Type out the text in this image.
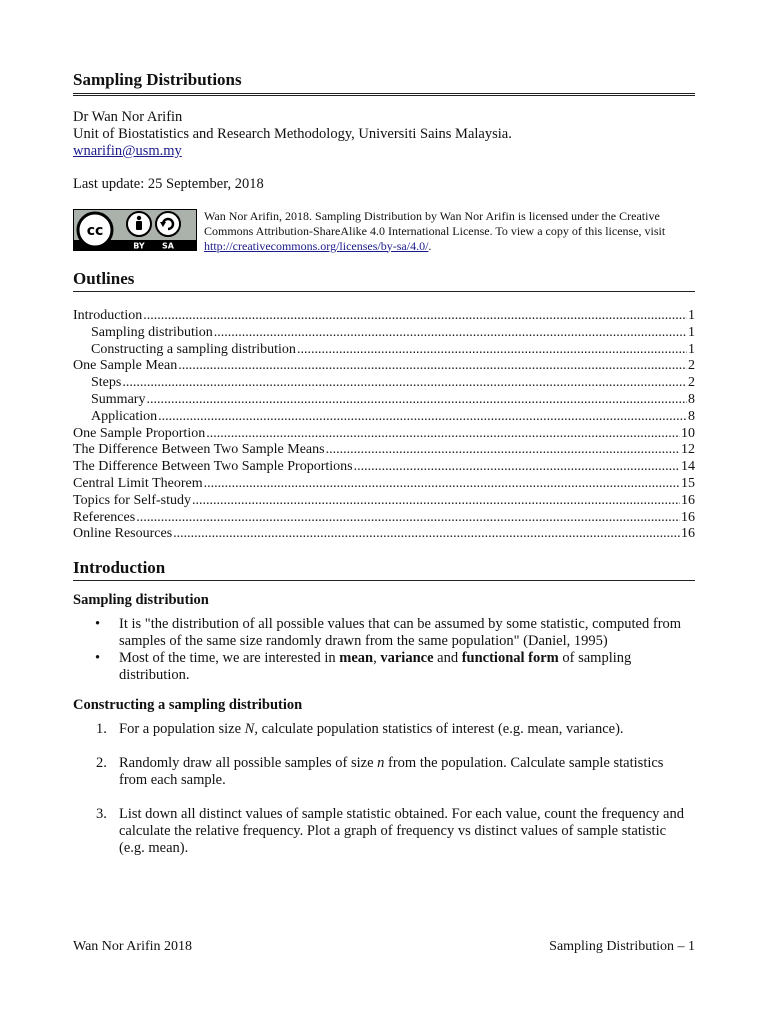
Sampling Distributions
Dr Wan Nor Arifin
Unit of Biostatistics and Research Methodology, Universiti Sains Malaysia.
wnarifin@usm.my
Last update: 25 September, 2018
cc
BY SA
Wan Nor Arifin, 2018. Sampling Distribution by Wan Nor Arifin is licensed under the Creative Commons Attribution-ShareAlike 4.0 International License. To view a copy of this license, visit http://creativecommons.org/licenses/by-sa/4.0/.
Outlines
Introduction .....	1
Sampling distribution .....	1
Constructing a sampling distribution .....	1
One Sample Mean .....	2
Steps .....	2
Summary .....	8
Application .....	8
One Sample Proportion .....	10
The Difference Between Two Sample Means .....	12
The Difference Between Two Sample Proportions .....	14
Central Limit Theorem .....	15
Topics for Self-study .....	16
References .....	16
Online Resources .....	16
Introduction
Sampling distribution
• It is "the distribution of all possible values that can be assumed by some statistic, computed from samples of the same size randomly drawn from the same population" (Daniel, 1995)
• Most of the time, we are interested in mean, variance and functional form of sampling distribution.
Constructing a sampling distribution
1. For a population size N, calculate population statistics of interest (e.g. mean, variance).
2. Randomly draw all possible samples of size n from the population. Calculate sample statistics from each sample.
3. List down all distinct values of sample statistic obtained. For each value, count the frequency and calculate the relative frequency. Plot a graph of frequency vs distinct values of sample statistic (e.g. mean).
Wan Nor Arifin 2018	Sampling Distribution – 1
